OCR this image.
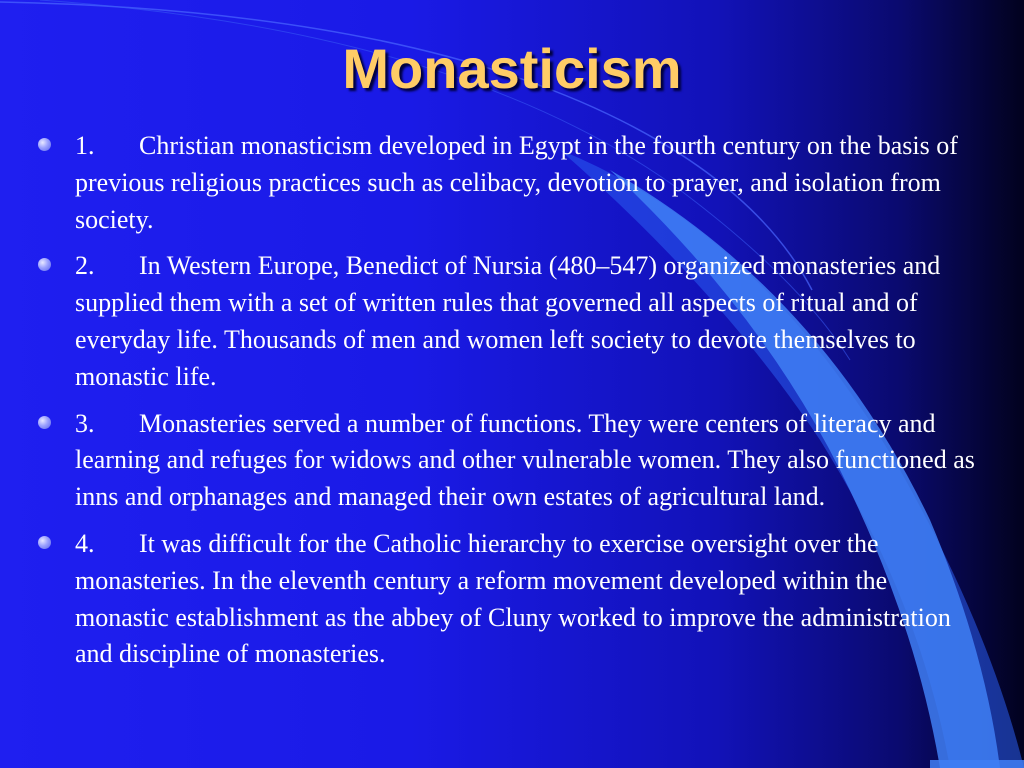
Monasticism
1. Christian monasticism developed in Egypt in the fourth century on the basis of previous religious practices such as celibacy, devotion to prayer, and isolation from society.
2. In Western Europe, Benedict of Nursia (480–547) organized monasteries and supplied them with a set of written rules that governed all aspects of ritual and of everyday life. Thousands of men and women left society to devote themselves to monastic life.
3. Monasteries served a number of functions. They were centers of literacy and learning and refuges for widows and other vulnerable women. They also functioned as inns and orphanages and managed their own estates of agricultural land.
4. It was difficult for the Catholic hierarchy to exercise oversight over the monasteries. In the eleventh century a reform movement developed within the monastic establishment as the abbey of Cluny worked to improve the administration and discipline of monasteries.
